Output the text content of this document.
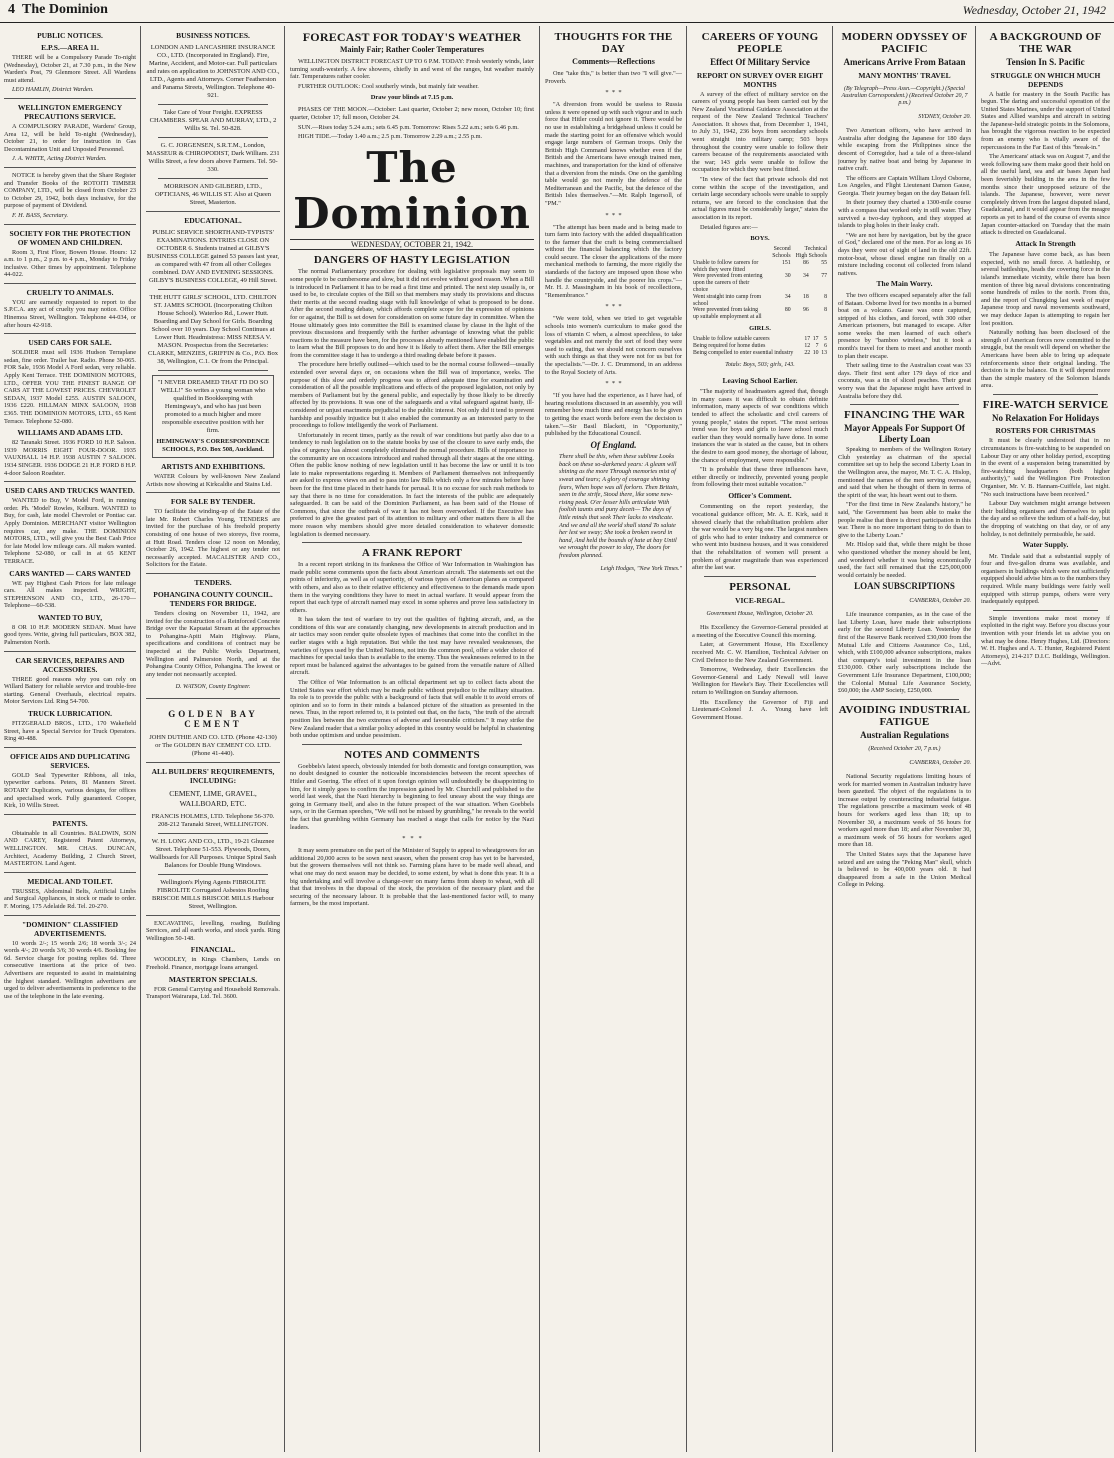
4 The Dominion	Wednesday, October 21, 1942
PUBLIC NOTICES.
E.P.S.—AREA 11.

THERE will be a Compulsory Parade To-night (Wednesday), October 21, at 7.30 p.m., in the New Warden's Post, 79 Glenmore Street. All Wardens must attend.

LEO HAMLIN, District Warden.

WELLINGTON EMERGENCY PRECAUTIONS SERVICE.

A COMPULSORY PARADE, Wardens' Group, Area 12, will be held To-night (Wednesday), October 21, to order for instruction in Gas Decontamination Unit and Unposted Personnel.

J. A. WHITE, Acting District Warden.

NOTICE is hereby given that the Share Register and Transfer Books of the ROTOITI TIMBER COMPANY, LTD., will be closed from October 23 to October 29, 1942, both days inclusive, for the purpose of payment of Dividend.

F. H. BASS, Secretary.

SOCIETY FOR THE PROTECTION OF WOMEN AND CHILDREN.

Room 3, First Floor, Bowen House. Hours: 12 a.m. to 1 p.m., 2 p.m. to 4 p.m., Monday to Friday inclusive. Other times by appointment. Telephone 44-022.

CRUELTY TO ANIMALS.

YOU are earnestly requested to report to the S.P.C.A. any act of cruelty you may notice. Office Hinemoa Street, Wellington. Telephone 44-034, or after hours 42-918.

USED CARS FOR SALE.

SOLDIER must sell 1936 Hudson Terraplane sedan, fine order. Trailer bar. Radio. Phone 30-065. FOR Sale, 1936 Model A Ford sedan, very reliable. Apply Kent Terrace. THE DOMINION MOTORS, LTD., OFFER YOU THE FINEST RANGE OF CARS AT THE LOWEST PRICES. CHEVROLET SEDAN, 1937 Model £255. AUSTIN SALOON, 1936 £220. HILLMAN MINX SALOON, 1938 £365. THE DOMINION MOTORS, LTD., 65 Kent Terrace. Telephone 52-080.

WILLIAMS AND ADAMS LTD.

82 Taranaki Street. 1936 FORD 10 H.P. Saloon. 1939 MORRIS EIGHT FOUR-DOOR. 1935 VAUXHALL 14 H.P. 1938 AUSTIN 7 SALOON. 1934 SINGER. 1936 DODGE 21 H.P. FORD 8 H.P. 4-door Saloon Roadster.

USED CARS AND TRUCKS WANTED.

WANTED to Buy, V Model Ford, in running order. Ph. 'Model' Rowles, Kelburn. WANTED to Buy, for cash, late model Chevrolet or Pontiac car. Apply Dominion. MERCHANT visitor Wellington requires car, any make. THE DOMINION MOTORS, LTD., will give you the Best Cash Price for late Model low mileage cars. All makes wanted. Telephone 52-080, or call in at 65 KENT TERRACE.

CARS WANTED — CARS WANTED

WE pay Highest Cash Prices for late mileage cars. All makes inspected. WRIGHT, STEPHENSON AND CO., LTD., 26-170—Telephone—60-538.

WANTED TO BUY,

8 OR 10 H.P. MODERN SEDAN. Must have good tyres. Write, giving full particulars, BOX 382, Palmerston North.

CAR SERVICES, REPAIRS AND ACCESSORIES.

THREE good reasons why you can rely on Willard Battery for reliable service and trouble-free starting. General Overhauls, electrical repairs. Motor Services Ltd. Ring 54-700.

TRUCK LUBRICATION.

FITZGERALD BROS., LTD., 170 Wakefield Street, have a Special Service for Truck Operators. Ring 40-488.

OFFICE AIDS AND DUPLICATING SERVICES.

GOLD Seal Typewriter Ribbons, all inks, typewriter carbons. Peters, 81 Manners Street. ROTARY Duplicators, various designs, for offices and specialised work. Fully guaranteed. Cooper, Kirk, 10 Willis Street.

PATENTS.

Obtainable in all Countries. BALDWIN, SON AND CAREY, Registered Patent Attorneys, WELLINGTON. MR. CHAS. DUNCAN, Architect, Academy Building, 2 Church Street, MASTERTON. Land Agent.

MEDICAL AND TOILET.

TRUSSES, Abdominal Belts, Artificial Limbs and Surgical Appliances, in stock or made to order. F. Moring, 175 Adelaide Rd. Tel. 20-270.

"DOMINION" CLASSIFIED ADVERTISEMENTS.

10 words 2/-; 15 words 2/6; 18 words 3/-; 24 words 4/-; 20 words 3/6; 30 words 4/6. Booking fee 6d. Service charge for posting replies 6d. Three consecutive insertions at the price of two. Advertisers are requested to assist in maintaining the highest standard. Wellington advertisers are urged to deliver advertisements in preference to the use of the telephone in the late evening.

BUSINESS NOTICES.

LONDON AND LANCASHIRE INSURANCE CO., LTD. (Incorporated in England). Fire, Marine, Accident, and Motor-car. Full particulars and rates on application to JOHNSTON AND CO., LTD., Agents and Attorneys. Corner Featherston and Panama Streets, Wellington. Telephone 40-921.

Take Care of Your Freight. EXPRESS CHAMBERS. SPEAR AND MURRAY, LTD., 2 Willis St. Tel. 50-828.

G. C. JORGENSEN, S.R.T.M., London, MASSEUR & CHIROPODIST, Dark William. 231 Willis Street, a few doors above Farmers. Tel. 50-330.

MORRISON AND GILBERD, LTD., OPTICIANS, 46 WILLIS ST. Also at Queen Street, Masterton.

EDUCATIONAL.

PUBLIC SERVICE SHORTHAND-TYPISTS' EXAMINATIONS. ENTRIES CLOSE ON OCTOBER 6. Students trained at GILBY'S BUSINESS COLLEGE gained 53 passes last year, as compared with 47 from all other Colleges combined. DAY AND EVENING SESSIONS. GILBY'S BUSINESS COLLEGE, 49 Hill Street.

THE HUTT GIRLS' SCHOOL, LTD. CHILTON ST. JAMES SCHOOL (Incorporating Chilton House School). Waterloo Rd., Lower Hutt. Boarding and Day School for Girls. Boarding School over 10 years. Day School Continues at Lower Hutt. Headmistress: MISS NEESA V. MASON. Prospectus from the Secretaries: CLARKE, MENZIES, GRIFFIN & Co., P.O. Box 38, Wellington, C.1. Or from the Principal.

"I NEVER DREAMED THAT I'D DO SO WELL!" So writes a young woman who qualified in Bookkeeping with Hemingway's, and who has just been promoted to a much higher and more responsible executive position with her firm.
HEMINGWAY'S CORRESPONDENCE SCHOOLS, P.O. Box 508, Auckland.
ARTISTS AND EXHIBITIONS.

WATER Colours by well-known New Zealand Artists now showing at Kirkcaldie and Stains Ltd.

FOR SALE BY TENDER.

TO facilitate the winding-up of the Estate of the late Mr. Robert Charles Young, TENDERS are invited for the purchase of his freehold property consisting of one house of two storeys, five rooms, at Hutt Road. Tenders close 12 noon on Monday, October 26, 1942. The highest or any tender not necessarily accepted. MACALISTER AND CO., Solicitors for the Estate.

TENDERS.
POHANGINA COUNTY COUNCIL. TENDERS FOR BRIDGE.

Tenders closing on November 11, 1942, are invited for the construction of a Reinforced Concrete Bridge over the Kapuatai Stream at the approaches to Pohangina-Apiti Main Highway. Plans, specifications and conditions of contract may be inspected at the Public Works Department, Wellington and Palmerston North, and at the Pohangina County Office, Pohangina. The lowest or any tender not necessarily accepted.

D. WATSON, County Engineer.

GOLDEN BAY CEMENT

JOHN DUTHIE AND CO. LTD. (Phone 42-130) or The GOLDEN BAY CEMENT CO. LTD. (Phone 41-440).

ALL BUILDERS' REQUIREMENTS, INCLUDING:

CEMENT, LIME, GRAVEL, WALLBOARD, ETC.

FRANCIS HOLMES, LTD. Telephone 56-370. 208-212 Taranaki Street, WELLINGTON.

W. H. LONG AND CO., LTD., 19-21 Ghuznee Street. Telephone 51-553. Plywoods, Doors, Wallboards for All Purposes. Unique Spiral Sash Balances for Double Hung Windows.

Wellington's Plying Agents FIBROLITE FIBROLITE Corrugated Asbestos Roofing BRISCOE MILLS BRISCOE MILLS Harbour Street, Wellington.

EXCAVATING, levelling, roading, Building Services, and all earth works, and stock yards. Ring Wellington 50-148.

FINANCIAL.

WOODLEY, in Kings Chambers, Lends on Freehold. Finance, mortgage loans arranged.

MASTERTON SPECIALS.

FOR General Carrying and Household Removals. Transport Wairarapa, Ltd. Tel. 3600.

FORECAST FOR TODAY'S WEATHER
Mainly Fair; Rather Cooler Temperatures

WELLINGTON DISTRICT FORECAST UP TO 6 P.M. TODAY: Fresh westerly winds, later turning south-westerly. A few showers, chiefly in and west of the ranges, but weather mainly fair. Temperatures rather cooler.

FURTHER OUTLOOK: Cool southerly winds, but mainly fair weather.

Draw your blinds at 7.15 p.m.

PHASES OF THE MOON.—October: Last quarter, October 2; new moon, October 10; first quarter, October 17; full moon, October 24.

SUN.—Rises today 5.24 a.m.; sets 6.45 p.m. Tomorrow: Rises 5.22 a.m.; sets 6.46 p.m.

HIGH TIDE.—Today 1.40 a.m.; 2.5 p.m. Tomorrow 2.29 a.m.; 2.55 p.m.

The Dominion
WEDNESDAY, OCTOBER 21, 1942.
DANGERS OF HASTY LEGISLATION

The normal Parliamentary procedure for dealing with legislative proposals may seem to some people to be cumbersome and slow, but it did not evolve without good reason. When a Bill is introduced in Parliament it has to be read a first time and printed. The next step usually is, or used to be, to circulate copies of the Bill so that members may study its provisions and discuss their merits at the second reading stage with full knowledge of what is proposed to be done. After the second reading debate, which affords complete scope for the expression of opinions for or against, the Bill is set down for consideration on some future day in committee. When the House ultimately goes into committee the Bill is examined clause by clause in the light of the previous discussions and frequently with the further advantage of knowing what the public reactions to the measure have been, for the processes already mentioned have enabled the public to learn what the Bill proposes to do and how it is likely to affect them. After the Bill emerges from the committee stage it has to undergo a third reading debate before it passes.

The procedure here briefly outlined—which used to be the normal course followed—usually extended over several days or, on occasions when the Bill was of importance, weeks. The purpose of this slow and orderly progress was to afford adequate time for examination and consideration of all the possible implications and effects of the proposed legislation, not only by members of Parliament but by the general public, and especially by those likely to be directly affected by its provisions. It was one of the safeguards and a vital safeguard against hasty, ill-considered or unjust enactments prejudicial to the public interest. Not only did it tend to prevent hardship and possibly injustice but it also enabled the community as an interested party to the proceedings to follow intelligently the work of Parliament.

Unfortunately in recent times, partly as the result of war conditions but partly also due to a tendency to rush legislation on to the statute books by use of the closure to save early ends, the plea of urgency has almost completely eliminated the normal procedure. Bills of importance to the community are on occasions introduced and rushed through all their stages at the one sitting. Often the public know nothing of new legislation until it has become the law or until it is too late to make representations regarding it. Members of Parliament themselves not infrequently are asked to express views on and to pass into law Bills which only a few minutes before have been for the first time placed in their hands for perusal. It is no excuse for such rush methods to say that there is no time for consideration. In fact the interests of the public are adequately safeguarded. It can be said of the Dominion Parliament, as has been said of the House of Commons, that since the outbreak of war it has not been overworked. If the Executive has preferred to give the greatest part of its attention to military and other matters there is all the more reason why members should give more detailed consideration to whatever domestic legislation is deemed necessary.

A FRANK REPORT

In a recent report striking in its frankness the Office of War Information in Washington has made public some comments upon the facts about American aircraft. The statements set out the points of inferiority, as well as of superiority, of various types of American planes as compared with others, and also as to their relative efficiency and effectiveness to the demands made upon them in the varying conditions they have to meet in actual warfare. It would appear from the report that each type of aircraft named may excel in some spheres and prove less satisfactory in others.

It has taken the test of warfare to try out the qualities of fighting aircraft, and, as the conditions of this war are constantly changing, new developments in aircraft production and in air tactics may soon render quite obsolete types of machines that come into the conflict in the earlier stages with a high reputation. But while the test may have revealed weaknesses, the varieties of types used by the United Nations, not into the common pool, offer a wider choice of machines for special tasks than is available to the enemy. Thus the weaknesses referred to in the report must be balanced against the advantages to be gained from the versatile nature of Allied aircraft.

The Office of War Information is an official department set up to collect facts about the United States war effort which may be made public without prejudice to the military situation. Its role is to provide the public with a background of facts that will enable it to avoid errors of opinion and so to form in their minds a balanced picture of the situation as presented in the news. Thus, in the report referred to, it is pointed out that, on the facts, "the truth of the aircraft position lies between the two extremes of adverse and favourable criticism." It may strike the New Zealand reader that a similar policy adopted in this country would be helpful in chastening both undue optimism and undue pessimism.

NOTES AND COMMENTS

Goebbels's latest speech, obviously intended for both domestic and foreign consumption, was no doubt designed to counter the noticeable inconsistencies between the recent speeches of Hitler and Goering. The effect of it upon foreign opinion will undoubtedly be disappointing to him, for it simply goes to confirm the impression gained by Mr. Churchill and published to the world last week, that the Nazi hierarchy is beginning to feel uneasy about the way things are going in Germany itself, and also in the future prospect of the war situation. When Goebbels says, or in the German speeches, "We will not be missed by grumbling," he reveals to the world the fact that grumbling within Germany has reached a stage that calls for notice by the Nazi leaders.

*   *   *

It may seem premature on the part of the Minister of Supply to appeal to wheatgrowers for an additional 20,000 acres to be sown next season, when the present crop has yet to be harvested, but the growers themselves will not think so. Farming plans have to be made well ahead, and what one may do next season may be decided, to some extent, by what is done this year. It is a big undertaking and will involve a change-over on many farms from sheep to wheat, with all that that involves in the disposal of the stock, the provision of the necessary plant and the securing of the necessary labour. It is probable that the last-mentioned factor will, to many farmers, be the most important.

THOUGHTS FOR THE DAY
Comments—Reflections

One "take this," is better than two "I will give."—Proverb.

*  *  *

"A diversion from would be useless to Russia unless it were opened up with such vigour and in such force that Hitler could not ignore it. There would be no use in establishing a bridgehead unless it could be made the starting point for an offensive which would engage large numbers of German troops. Only the British High Command knows whether even if the British and the Americans have enough trained men, machines, and transportation for the kind of offensive that a diversion from the minds. One on the gambling table would go not merely the defence of the Mediterranean and the Pacific, but the defence of the British Isles themselves."—Mr. Ralph Ingersoll, of "PM."

*  *  *

"The attempt has been made and is being made to turn farm into factory with the added disqualification to the farmer that the craft is being commercialised without the financial balancing which the factory could secure. The closer the applications of the more mechanical methods to farming, the more rigidly the standards of the factory are imposed upon those who handle the countryside, and the poorer his crops."—Mr. H. J. Massingham in his book of recollections, "Remembrance."

*  *  *

"We were told, when we tried to get vegetable schools into women's curriculum to make good the loss of vitamin C when, a almost speechless, to take vegetables and not merely the sort of food they were used to eating, that we should not concern ourselves with such things as that they were not for us but for the specialists."—Dr. J. C. Drummond, in an address to the Royal Society of Arts.

*  *  *

"If you have had the experience, as I have had, of hearing resolutions discussed in an assembly, you will remember how much time and energy has to be given to getting the exact words before even the decision is taken."—Sir Basil Blackett, in "Opportunity," published by the Educational Council.

Of England.

There shall be this, when these sublime Looks back on these so-darkened years: A gleam will shining as the more Through memories mist of sweat and tears; A glory of courage shining fears, When hope was all forlorn. Then Britain, seen in the strife, Stood there, like some new-rising peak. O'er lesser hills articulate With foolish taunts and puny deceit— The days of little minds that seek Their lacks to vindicate. And we and all the world shall stand To salute her lest we sway; She took a broken sword in hand, And held the bounds of hate at bay Until we wrought the power to slay, The doors for freedom planned.

Leigh Hodges, "New York Times."

CAREERS OF YOUNG PEOPLE
Effect Of Military Service
REPORT ON SURVEY OVER EIGHT MONTHS

A survey of the effect of military service on the careers of young people has been carried out by the New Zealand Vocational Guidance Association at the request of the New Zealand Technical Teachers' Association. It shows that, from December 1, 1941, to July 31, 1942, 236 boys from secondary schools went straight into military camp; 503 boys throughout the country were unable to follow their careers because of the requirements associated with the war; 143 girls were unable to follow the occupation for which they were best fitted.

"In view of the fact that private schools did not come within the scope of the investigation, and certain large secondary schools were unable to supply returns, we are forced to the conclusion that the actual figures must be considerably larger," states the association in its report.

Detailed figures are:—

BOYS.
	Second Schools	Technical High Schools	
Unable to follow careers for which they were fitted	151	86	55
Were prevented from entering upon the careers of their choice	30	34	77
Went straight into camp from school	34	18	8
Were prevented from taking up suitable employment at all	80	96	8
GIRLS.
Unable to follow suitable careers	17	17	5
Being required for home duties	12	7	6
Being compelled to enter essential industry	22	10	13

Totals: Boys, 503; girls, 143.

Leaving School Earlier.

"The majority of headmasters agreed that, though in many cases it was difficult to obtain definite information, many aspects of war conditions which tended to affect the scholastic and civil careers of young people," states the report. "The most serious trend was for boys and girls to leave school much earlier than they would normally have done. In some instances the war is stated as the cause, but in others the desire to earn good money, the shortage of labour, the chance of employment, were responsible."

"It is probable that these three influences have, either directly or indirectly, prevented young people from following their most suitable vocation."

Officer's Comment.

Commenting on the report yesterday, the vocational guidance officer, Mr. A. E. Kirk, said it showed clearly that the rehabilitation problem after the war would be a very big one. The largest numbers of girls who had to enter industry and commerce or who went into business houses, and it was considered that the rehabilitation of women will present a problem of greater magnitude than was experienced after the last war.

PERSONAL
VICE-REGAL.

Government House, Wellington, October 20.

His Excellency the Governor-General presided at a meeting of the Executive Council this morning.

Later, at Government House, His Excellency received Mr. C. W. Hamilton, Technical Adviser on Civil Defence to the New Zealand Government.

Tomorrow, Wednesday, their Excellencies the Governor-General and Lady Newall will leave Wellington for Hawke's Bay. Their Excellencies will return to Wellington on Sunday afternoon.

His Excellency the Governor of Fiji and Lieutenant-Colonel J. A. Young have left Government House.

MODERN ODYSSEY OF PACIFIC
Americans Arrive From Bataan
MANY MONTHS' TRAVEL

(By Telegraph—Press Assn.—Copyright.) (Special Australian Correspondent.) (Received October 20, 7 p.m.)

SYDNEY, October 20.

Two American officers, who have arrived in Australia after dodging the Japanese for 180 days while escaping from the Philippines since the descent of Corregidor, had a tale of a three-island journey by native boat and being by Japanese in native craft.

The officers are Captain William Lloyd Osborne, Los Angeles, and Flight Lieutenant Damon Gause, Georgia. Their journey began on the day Bataan fell.

In their journey they charted a 1300-mile course with a compass that worked only in still water. They survived a two-day typhoon, and they stopped at islands to plug holes in their leaky craft.

"We are not here by navigation, but by the grace of God," declared one of the men. For as long as 16 days they were out of sight of land in the old 22ft. motor-boat, whose diesel engine ran finally on a mixture including coconut oil collected from island natives.

The Main Worry.

The two officers escaped separately after the fall of Bataan. Osborne lived for two months in a burned boat on a volcano. Gause was once captured, stripped of his clothes, and forced, with 300 other American prisoners, but managed to escape. After some weeks the men learned of each other's presence by "bamboo wireless," but it took a month's travel for them to meet and another month to plan their escape.

Their sailing time to the Australian coast was 33 days. Their first sent after 179 days of rice and coconuts, was a tin of sliced peaches. Their great worry was that the Japanese might have arrived in Australia before they did.

FINANCING THE WAR
Mayor Appeals For Support Of Liberty Loan

Speaking to members of the Wellington Rotary Club yesterday as chairman of the special committee set up to help the second Liberty Loan in the Wellington area, the mayor, Mr. T. C. A. Hislop, mentioned the names of the men serving overseas, and said that when he thought of them in terms of the spirit of the war, his heart went out to them.

"For the first time in New Zealand's history," he said, "the Government has been able to make the people realise that there is direct participation in this war. There is no more important thing to do than to give to the Liberty Loan."

Mr. Hislop said that, while there might be those who questioned whether the money should be lent, and wondered whether it was being economically used, the fact still remained that the £25,000,000 would certainly be needed.

LOAN SUBSCRIPTIONS

CANBERRA, October 20.

Life insurance companies, as in the case of the last Liberty Loan, have made their subscriptions early for the second Liberty Loan. Yesterday the first of the Reserve Bank received £30,000 from the Mutual Life and Citizens Assurance Co., Ltd., which, with £100,000 advance subscriptions, makes that company's total investment in the loan £130,000. Other early subscriptions include the Government Life Insurance Department, £100,000; the Colonial Mutual Life Assurance Society, £60,000; the AMP Society, £250,000.

AVOIDING INDUSTRIAL FATIGUE
Australian Regulations

(Received October 20, 7 p.m.)

CANBERRA, October 20.

National Security regulations limiting hours of work for married women in Australian industry have been gazetted. The object of the regulations is to increase output by counteracting industrial fatigue. The regulations prescribe a maximum week of 48 hours for workers aged less than 18; up to November 30, a maximum week of 56 hours for workers aged more than 18; and after November 30, a maximum week of 56 hours for workers aged more than 18.

The United States says that the Japanese have seized and are using the "Peking Man" skull, which is believed to be 400,000 years old. It had disappeared from a safe in the Union Medical College in Peking.

A BACKGROUND OF THE WAR
Tension In S. Pacific
STRUGGLE ON WHICH MUCH DEPENDS

A battle for mastery in the South Pacific has begun. The daring and successful operation of the United States Marines, under the support of United States and Allied warships and aircraft in seizing the Japanese-held strategic points in the Solomons, has brought the vigorous reaction to be expected from an enemy who is vitally aware of the repercussions in the Far East of this "break-in."

The Americans' attack was on August 7, and the week following saw them make good their hold on all the useful land, sea and air bases Japan had been feverishly building in the area in the few months since their unopposed seizure of the islands. The Japanese, however, were never completely driven from the largest disputed island, Guadalcanal, and it would appear from the meagre reports as yet to hand of the course of events since Japan counter-attacked on Tuesday that the main attack is directed on Guadalcanal.

Attack In Strength

The Japanese have come back, as has been expected, with no small force. A battleship, or several battleships, heads the covering force in the island's immediate vicinity, while there has been mention of three big naval divisions concentrating some hundreds of miles to the north. From this, and the report of Chungking last week of major Japanese troop and naval movements southward, we may deduce Japan is attempting to regain her lost position.

Naturally nothing has been disclosed of the strength of American forces now committed to the struggle, but the result will depend on whether the Americans have been able to bring up adequate reinforcements since their original landing. The decision is in the balance. On it will depend more than the simple mastery of the Solomon Islands area.

FIRE-WATCH SERVICE
No Relaxation For Holidays
ROSTERS FOR CHRISTMAS

It must be clearly understood that in no circumstances is fire-watching to be suspended on Labour Day or any other holiday period, excepting in the event of a suspension being transmitted by fire-watching headquarters (both higher authority)," said the Wellington Fire Protection Organiser, Mr. V. B. Hannam-Cuiffele, last night. "No such instructions have been received."

Labour Day watchmen might arrange between their building organisers and themselves to split the day and so relieve the tedium of a half-day, but the dropping of watching on that day, or of any holiday, is not definitely permissible, he said.

Water Supply.

Mr. Tindale said that a substantial supply of four and five-gallon drums was available, and organisers in buildings which were not sufficiently equipped should advise him as to the numbers they required. While many buildings were fairly well equipped with stirrup pumps, others were very inadequately equipped.

Simple inventions make most money if exploited in the right way. Before you discuss your invention with your friends let us advise you on what may be done. Henry Hughes, Ltd. (Directors: W. H. Hughes and A. T. Hunter, Registered Patent Attorneys), 214-217 D.I.C. Buildings, Wellington.—Advt.
